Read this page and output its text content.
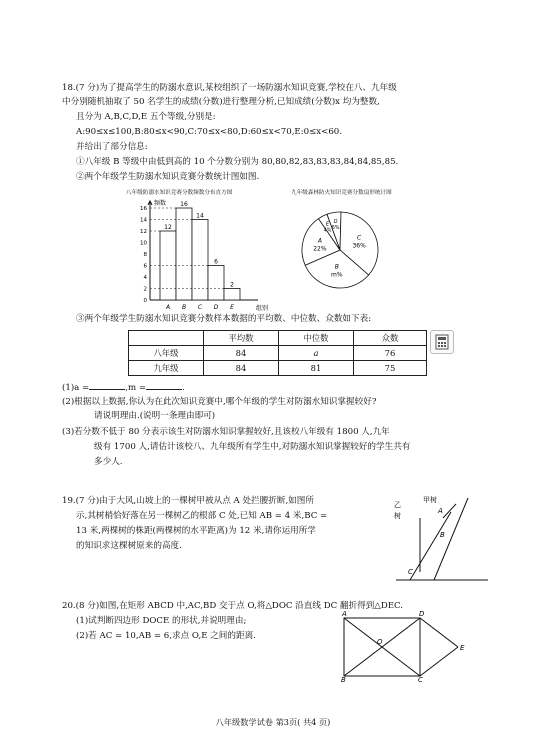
18.(7 分)为了提高学生的防溺水意识,某校组织了一场防溺水知识竞赛,学校在八、九年级
中分别随机抽取了 50 名学生的成绩(分数)进行整理分析,已知成绩(分数)x 均为整数,
且分为 A,B,C,D,E 五个等级,分别是:
A:90≤x≤100,B:80≤x<90,C:70≤x<80,D:60≤x<70,E:0≤x<60.
并给出了部分信息:
①八年级 B 等级中由低到高的 10 个分数分别为 80,80,82,83,83,83,84,84,85,85.
②两个年级学生防溺水知识竞赛分数统计图如图.
八年级防溺水知识竞赛分数频数分布直方图	九年级森林防火知识竞赛分数扇形统计图
频数
组别
0
2
4
6
8
10
12
14
16
12
A
16
B
14
C
6
D
2
E
D
6%
C
36%
B
m%
A
22%
E
4%
③两个年级学生防溺水知识竞赛分数样本数据的平均数、中位数、众数如下表:
	平均数	中位数	众数
八年级	84	a	76
九年级	84	81	75
(1)a =	,m =	.
(2)根据以上数据,你认为在此次知识竞赛中,哪个年级的学生对防溺水知识掌握较好?
请说明理由.(说明一条理由即可)
(3)若分数不低于 80 分表示该生对防溺水知识掌握较好,且该校八年级有 1800 人,九年
级有 1700 人,请估计该校八、九年级所有学生中,对防溺水知识掌握较好的学生共有
多少人.
19.(7 分)由于大风,山坡上的一棵树甲被从点 A 处拦腰折断,如图所
示,其树梢恰好落在另一棵树乙的根部 C 处,已知 AB = 4 米,BC =
13 米,两棵树的株距(两棵树的水平距离)为 12 米,请你运用所学
的知识求这棵树原来的高度.
甲树
乙
树
A
B
C
20.(8 分)如图,在矩形 ABCD 中,AC,BD 交于点 O,将△DOC 沿直线 DC 翻折得到△DEC.
(1)试判断四边形 DOCE 的形状,并说明理由;
(2)若 AC = 10,AB = 6,求点 O,E 之间的距离.
A	D
O
E
B	C
八年级数学试卷 第3页( 共4 页)
